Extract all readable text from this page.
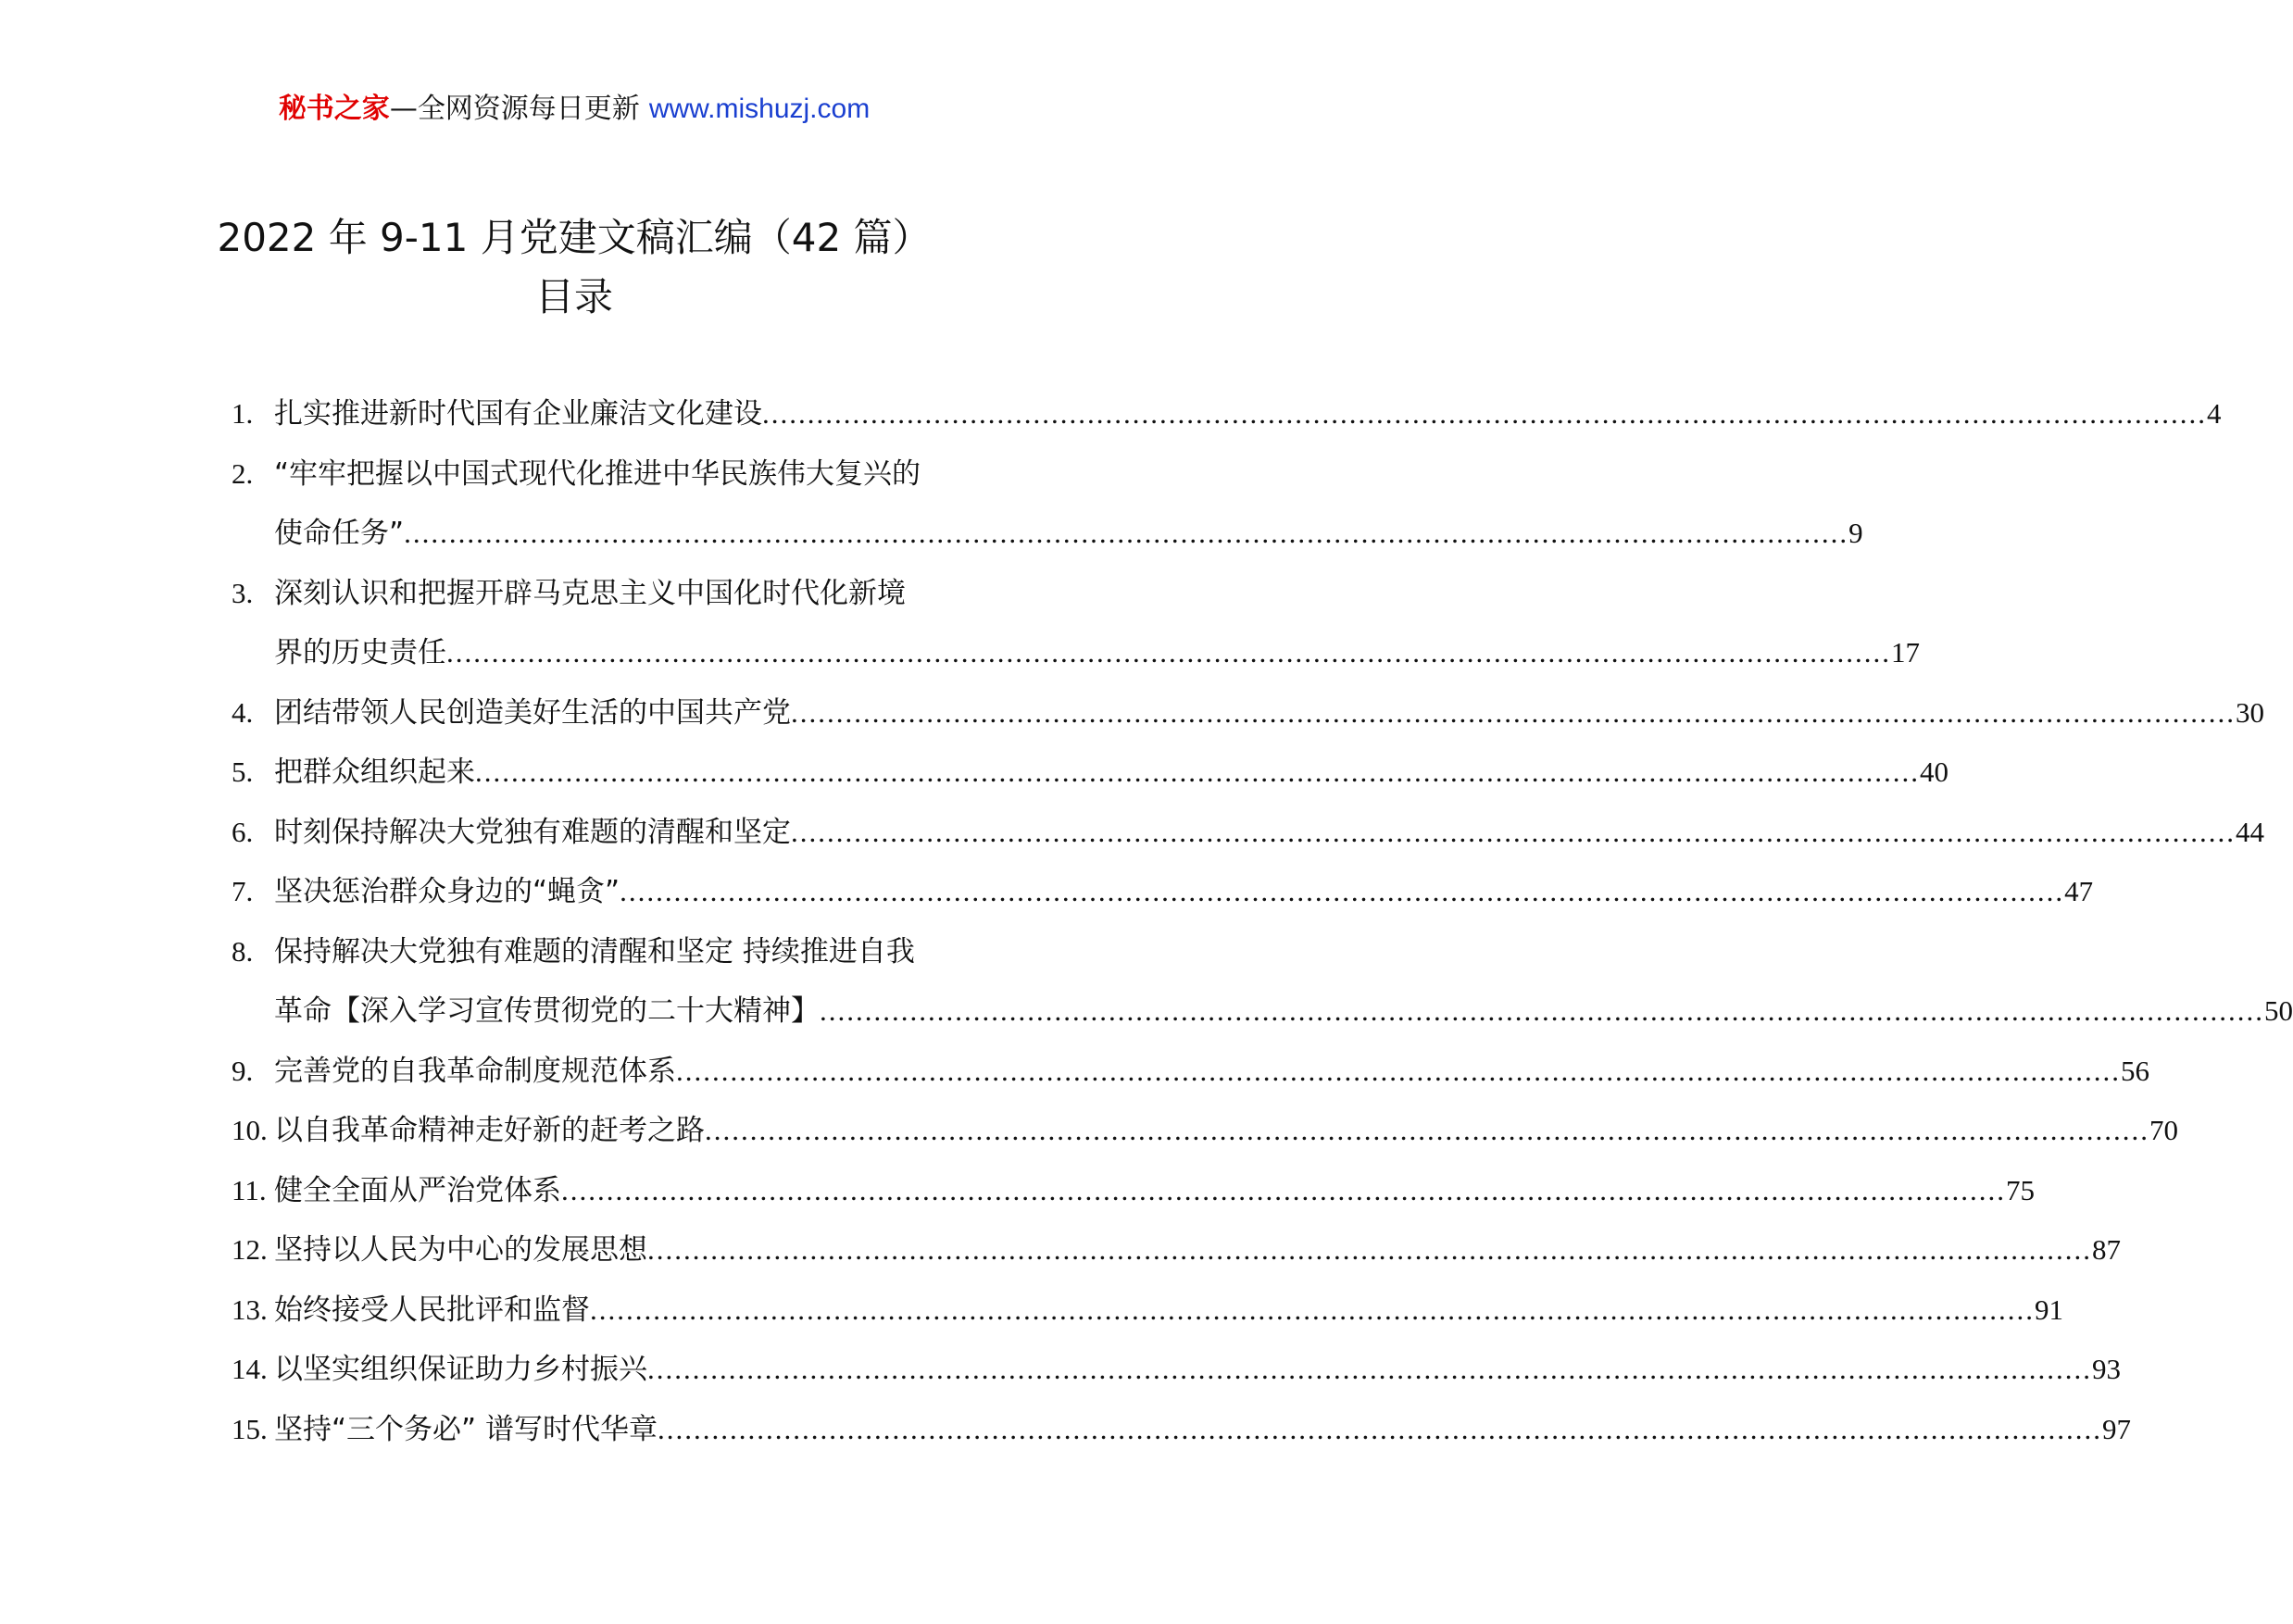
秘书之家—全网资源每日更新 www.mishuzj.com
2022 年 9-11 月党建文稿汇编（42 篇）
目录
1. 扎实推进新时代国有企业廉洁文化建设 ................................................................................................................................................................ 4
2. “牢牢把握以中国式现代化推进中华民族伟大复兴的
使命任务” ................................................................................................................................................................ 9
3. 深刻认识和把握开辟马克思主义中国化时代化新境
界的历史责任 ................................................................................................................................................................ 17
4. 团结带领人民创造美好生活的中国共产党 ................................................................................................................................................................ 30
5. 把群众组织起来 ................................................................................................................................................................ 40
6. 时刻保持解决大党独有难题的清醒和坚定 ................................................................................................................................................................ 44
7. 坚决惩治群众身边的“蝇贪” ................................................................................................................................................................ 47
8. 保持解决大党独有难题的清醒和坚定 持续推进自我
革命【深入学习宣传贯彻党的二十大精神】 ................................................................................................................................................................ 50
9. 完善党的自我革命制度规范体系 ................................................................................................................................................................ 56
10. 以自我革命精神走好新的赶考之路 ................................................................................................................................................................ 70
11. 健全全面从严治党体系 ................................................................................................................................................................ 75
12. 坚持以人民为中心的发展思想 ................................................................................................................................................................ 87
13. 始终接受人民批评和监督 ................................................................................................................................................................ 91
14. 以坚实组织保证助力乡村振兴 ................................................................................................................................................................ 93
15. 坚持“三个务必” 谱写时代华章 ................................................................................................................................................................ 97
